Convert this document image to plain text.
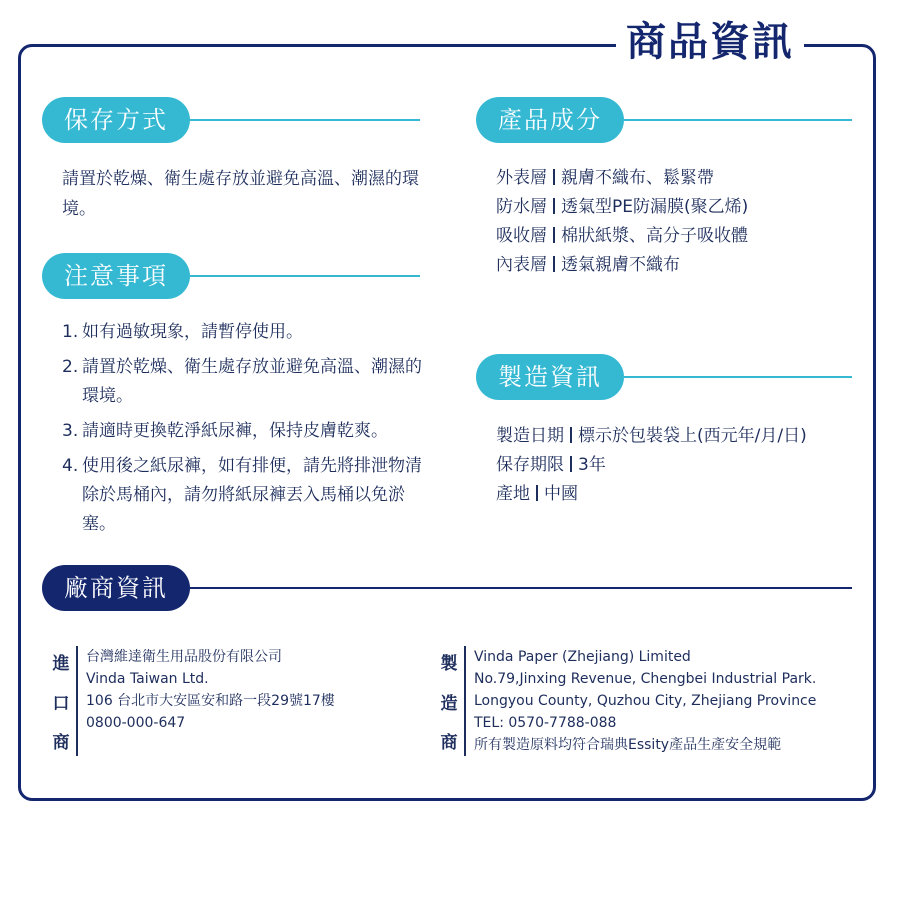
商品資訊
保存方式
請置於乾燥、衛生處存放並避免高溫、潮濕的環境。
注意事項
1. 如有過敏現象，請暫停使用。
2. 請置於乾燥、衛生處存放並避免高溫、潮濕的環境。
3. 請適時更換乾淨紙尿褲，保持皮膚乾爽。
4. 使用後之紙尿褲，如有排便，請先將排泄物清除於馬桶內，請勿將紙尿褲丟入馬桶以免淤塞。
產品成分
外表層 親膚不織布、鬆緊帶
防水層 透氣型PE防漏膜(聚乙烯)
吸收層 棉狀紙漿、高分子吸收體
內表層 透氣親膚不織布
製造資訊
製造日期 標示於包裝袋上(西元年/月/日)
保存期限 3年
產地 中國
廠商資訊
進
口
商
台灣維達衛生用品股份有限公司
Vinda Taiwan Ltd.
106 台北市大安區安和路一段29號17樓
0800-000-647
製
造
商
Vinda Paper (Zhejiang) Limited
No.79,Jinxing Revenue, Chengbei Industrial Park.
Longyou County, Quzhou City, Zhejiang Province
TEL: 0570-7788-088
所有製造原料均符合瑞典Essity產品生產安全規範
